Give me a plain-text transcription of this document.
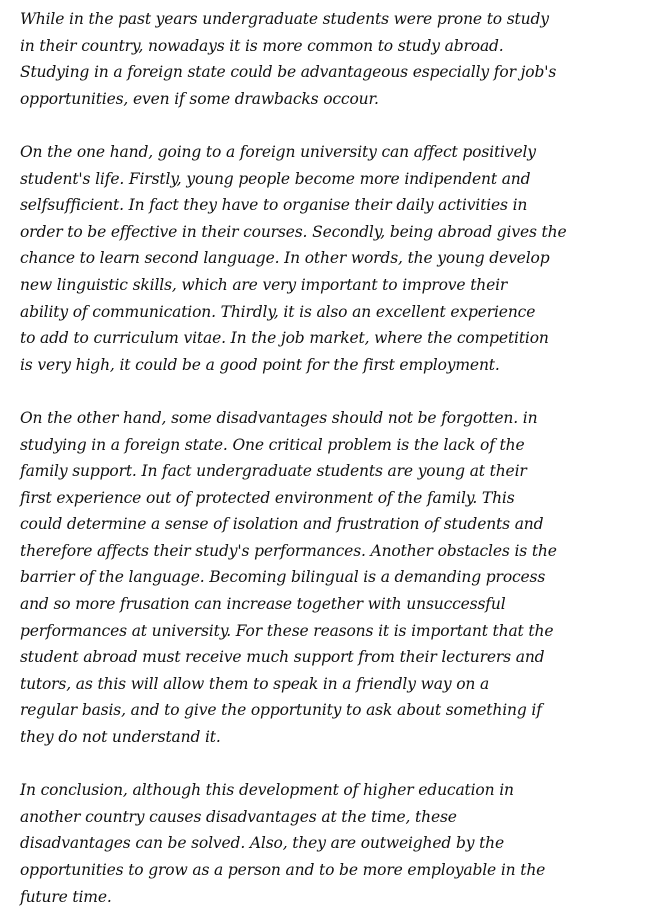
While in the past years undergraduate students were prone to study
in their country, nowadays it is more common to study abroad.
Studying in a foreign state could be advantageous especially for job's
opportunities, even if some drawbacks occour.
On the one hand, going to a foreign university can affect positively
student's life. Firstly, young people become more indipendent and
selfsufficient. In fact they have to organise their daily activities in
order to be effective in their courses. Secondly, being abroad gives the
chance to learn second language. In other words, the young develop
new linguistic skills, which are very important to improve their
ability of communication. Thirdly, it is also an excellent experience
to add to curriculum vitae. In the job market, where the competition
is very high, it could be a good point for the first employment.
On the other hand, some disadvantages should not be forgotten. in
studying in a foreign state. One critical problem is the lack of the
family support. In fact undergraduate students are young at their
first experience out of protected environment of the family. This
could determine a sense of isolation and frustration of students and
therefore affects their study's performances. Another obstacles is the
barrier of the language. Becoming bilingual is a demanding process
and so more frusation can increase together with unsuccessful
performances at university. For these reasons it is important that the
student abroad must receive much support from their lecturers and
tutors, as this will allow them to speak in a friendly way on a
regular basis, and to give the opportunity to ask about something if
they do not understand it.
In conclusion, although this development of higher education in
another country causes disadvantages at the time, these
disadvantages can be solved. Also, they are outweighed by the
opportunities to grow as a person and to be more employable in the
future time.
